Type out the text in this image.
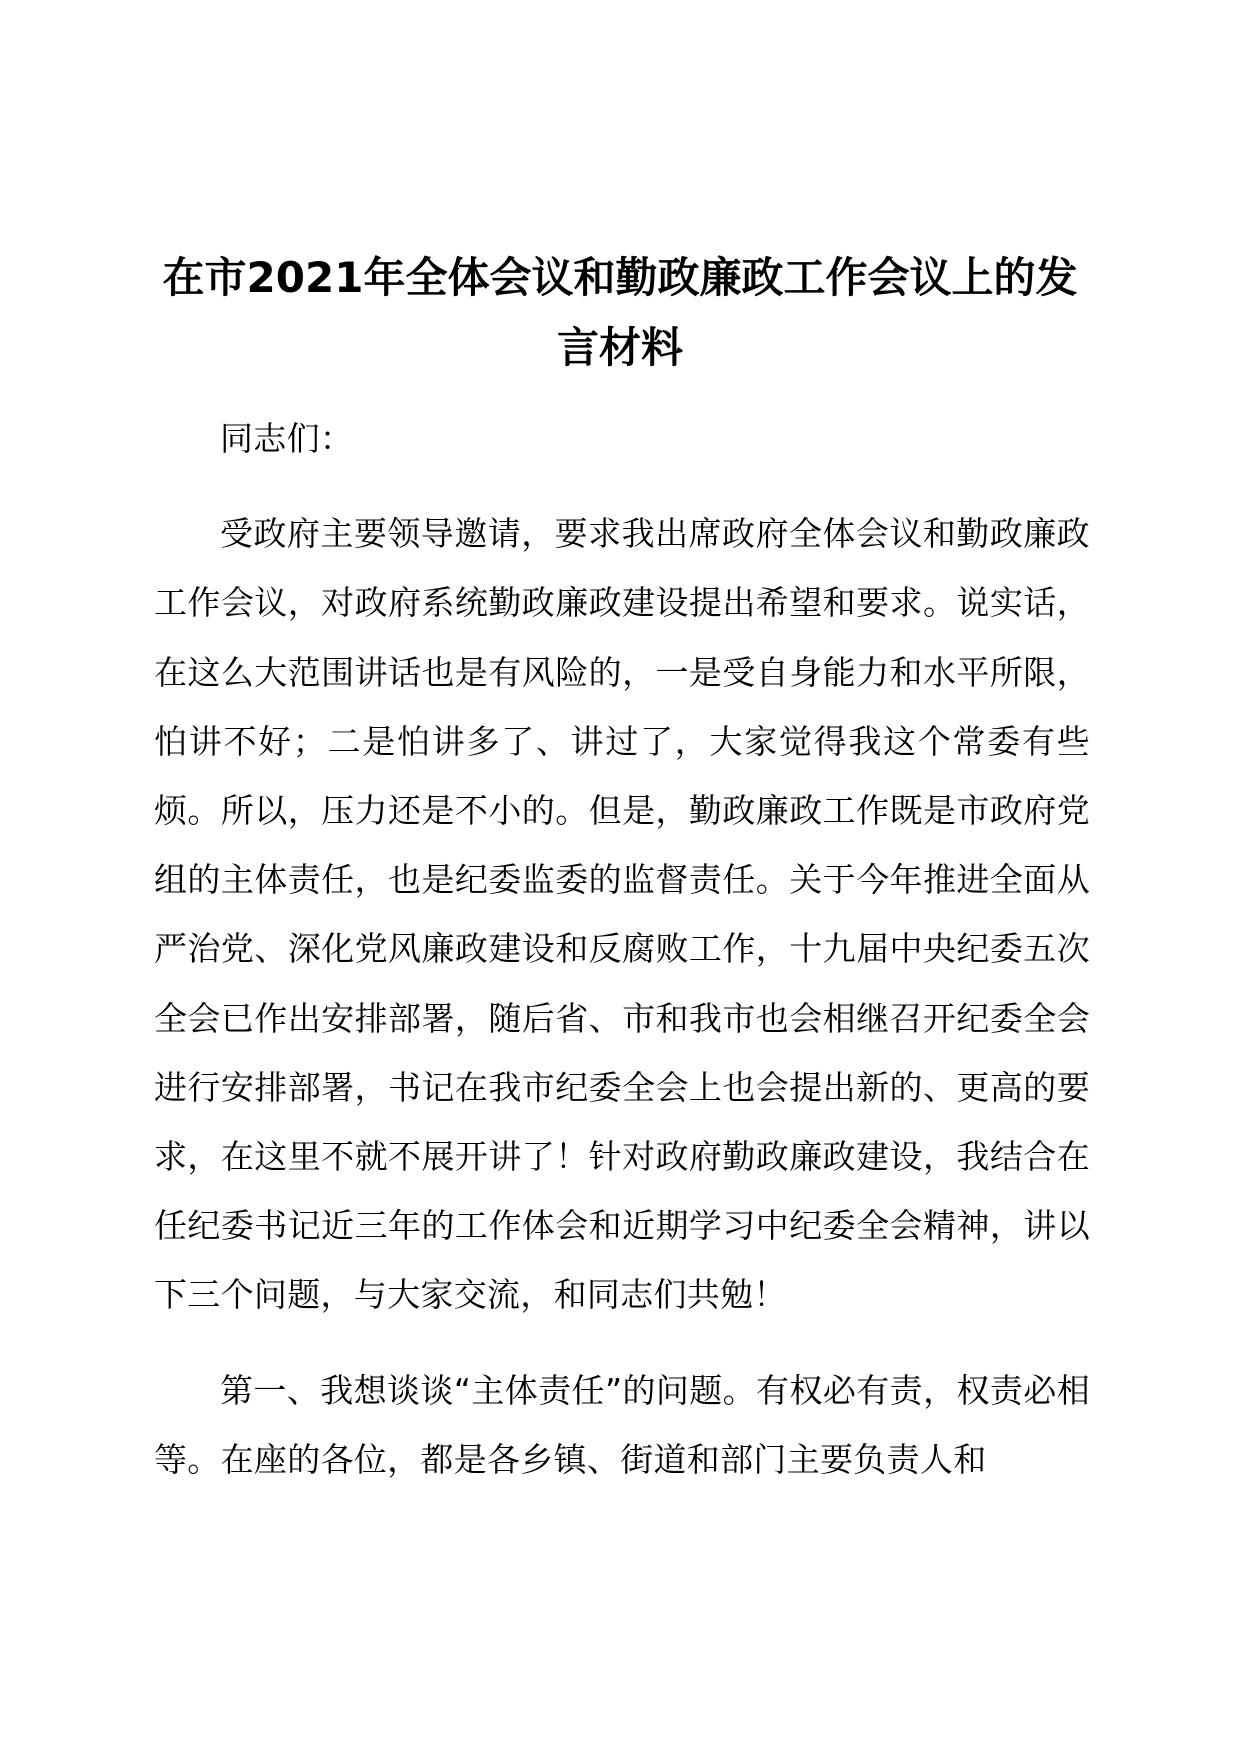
在市2021年全体会议和勤政廉政工作会议上的发言材料

同志们：

受政府主要领导邀请，要求我出席政府全体会议和勤政廉政工作会议，对政府系统勤政廉政建设提出希望和要求。说实话，在这么大范围讲话也是有风险的，一是受自身能力和水平所限，怕讲不好；二是怕讲多了、讲过了，大家觉得我这个常委有些烦。所以，压力还是不小的。但是，勤政廉政工作既是市政府党组的主体责任，也是纪委监委的监督责任。关于今年推进全面从严治党、深化党风廉政建设和反腐败工作，十九届中央纪委五次全会已作出安排部署，随后省、市和我市也会相继召开纪委全会进行安排部署，书记在我市纪委全会上也会提出新的、更高的要求，在这里不就不展开讲了！针对政府勤政廉政建设，我结合在任纪委书记近三年的工作体会和近期学习中纪委全会精神，讲以下三个问题，与大家交流，和同志们共勉！

第一、我想谈谈“主体责任”的问题。有权必有责，权责必相等。在座的各位，都是各乡镇、街道和部门主要负责人和
